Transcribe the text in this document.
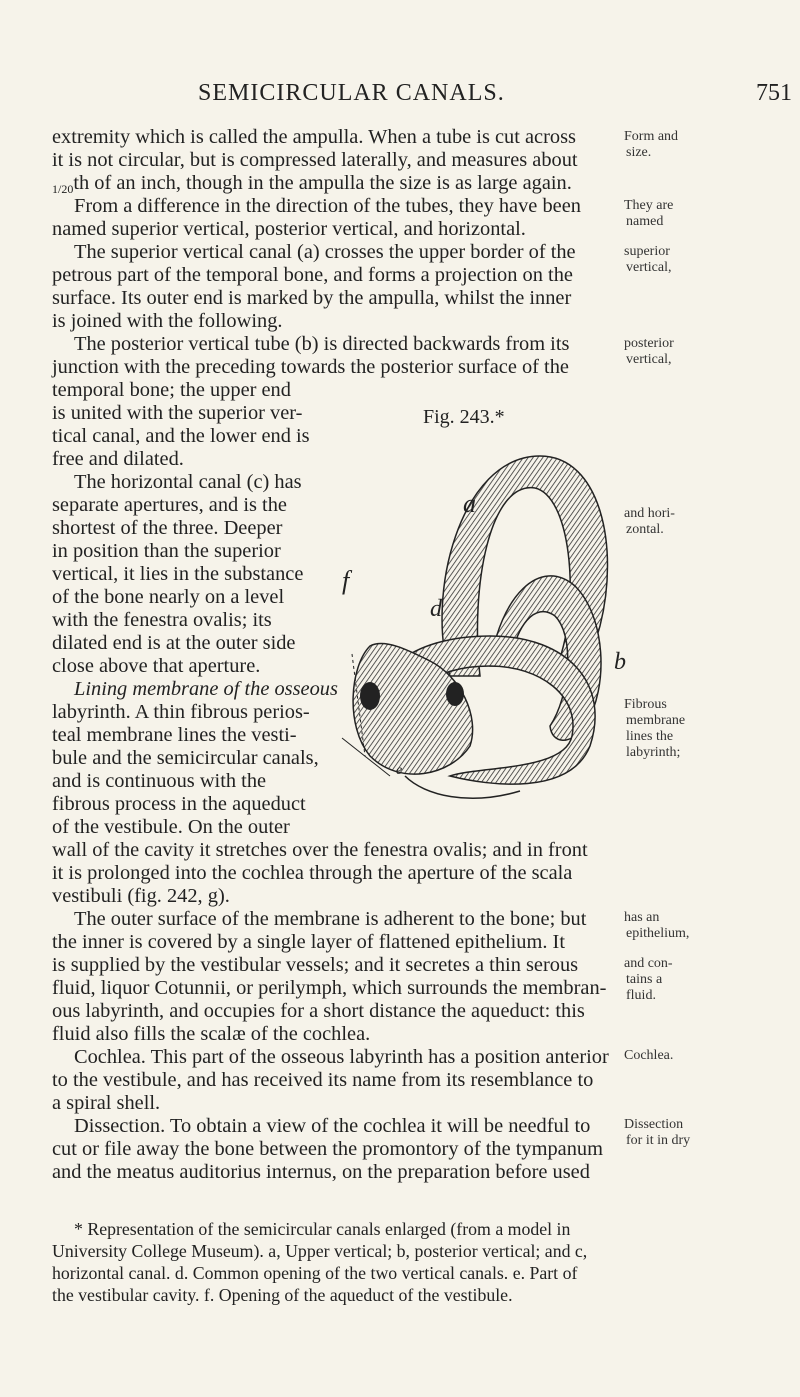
SEMICIRCULAR CANALS.	751
extremity which is called the ampulla. When a tube is cut across
it is not circular, but is compressed laterally, and measures about
1/20th of an inch, though in the ampulla the size is as large again.
From a difference in the direction of the tubes, they have been
named superior vertical, posterior vertical, and horizontal.
The superior vertical canal (a) crosses the upper border of the
petrous part of the temporal bone, and forms a projection on the
surface. Its outer end is marked by the ampulla, whilst the inner
is joined with the following.
The posterior vertical tube (b) is directed backwards from its
junction with the preceding towards the posterior surface of the
temporal bone; the upper end
is united with the superior ver-
tical canal, and the lower end is
free and dilated.
The horizontal canal (c) has
separate apertures, and is the
shortest of the three. Deeper
in position than the superior
vertical, it lies in the substance
of the bone nearly on a level
with the fenestra ovalis; its
dilated end is at the outer side
close above that aperture.
Lining membrane of the osseous
labyrinth. A thin fibrous perios-
teal membrane lines the vesti-
bule and the semicircular canals,
and is continuous with the
fibrous process in the aqueduct
of the vestibule. On the outer
wall of the cavity it stretches over the fenestra ovalis; and in front
it is prolonged into the cochlea through the aperture of the scala
vestibuli (fig. 242, g).
The outer surface of the membrane is adherent to the bone; but
the inner is covered by a single layer of flattened epithelium. It
is supplied by the vestibular vessels; and it secretes a thin serous
fluid, liquor Cotunnii, or perilymph, which surrounds the membran-
ous labyrinth, and occupies for a short distance the aqueduct: this
fluid also fills the scalæ of the cochlea.
Cochlea. This part of the osseous labyrinth has a position anterior
to the vestibule, and has received its name from its resemblance to
a spiral shell.
Dissection. To obtain a view of the cochlea it will be needful to
cut or file away the bone between the promontory of the tympanum
and the meatus auditorius internus, on the preparation before used
Form and
size.
They are
named
superior
vertical,
posterior
vertical,
and hori-
zontal.
Fibrous
membrane
lines the
labyrinth;
has an
epithelium,
and con-
tains a
fluid.
Cochlea.
Dissection
for it in dry
Fig. 243.*
a
b
d
f
e
* Representation of the semicircular canals enlarged (from a model in
University College Museum). a, Upper vertical; b, posterior vertical; and c,
horizontal canal. d. Common opening of the two vertical canals. e. Part of
the vestibular cavity. f. Opening of the aqueduct of the vestibule.
